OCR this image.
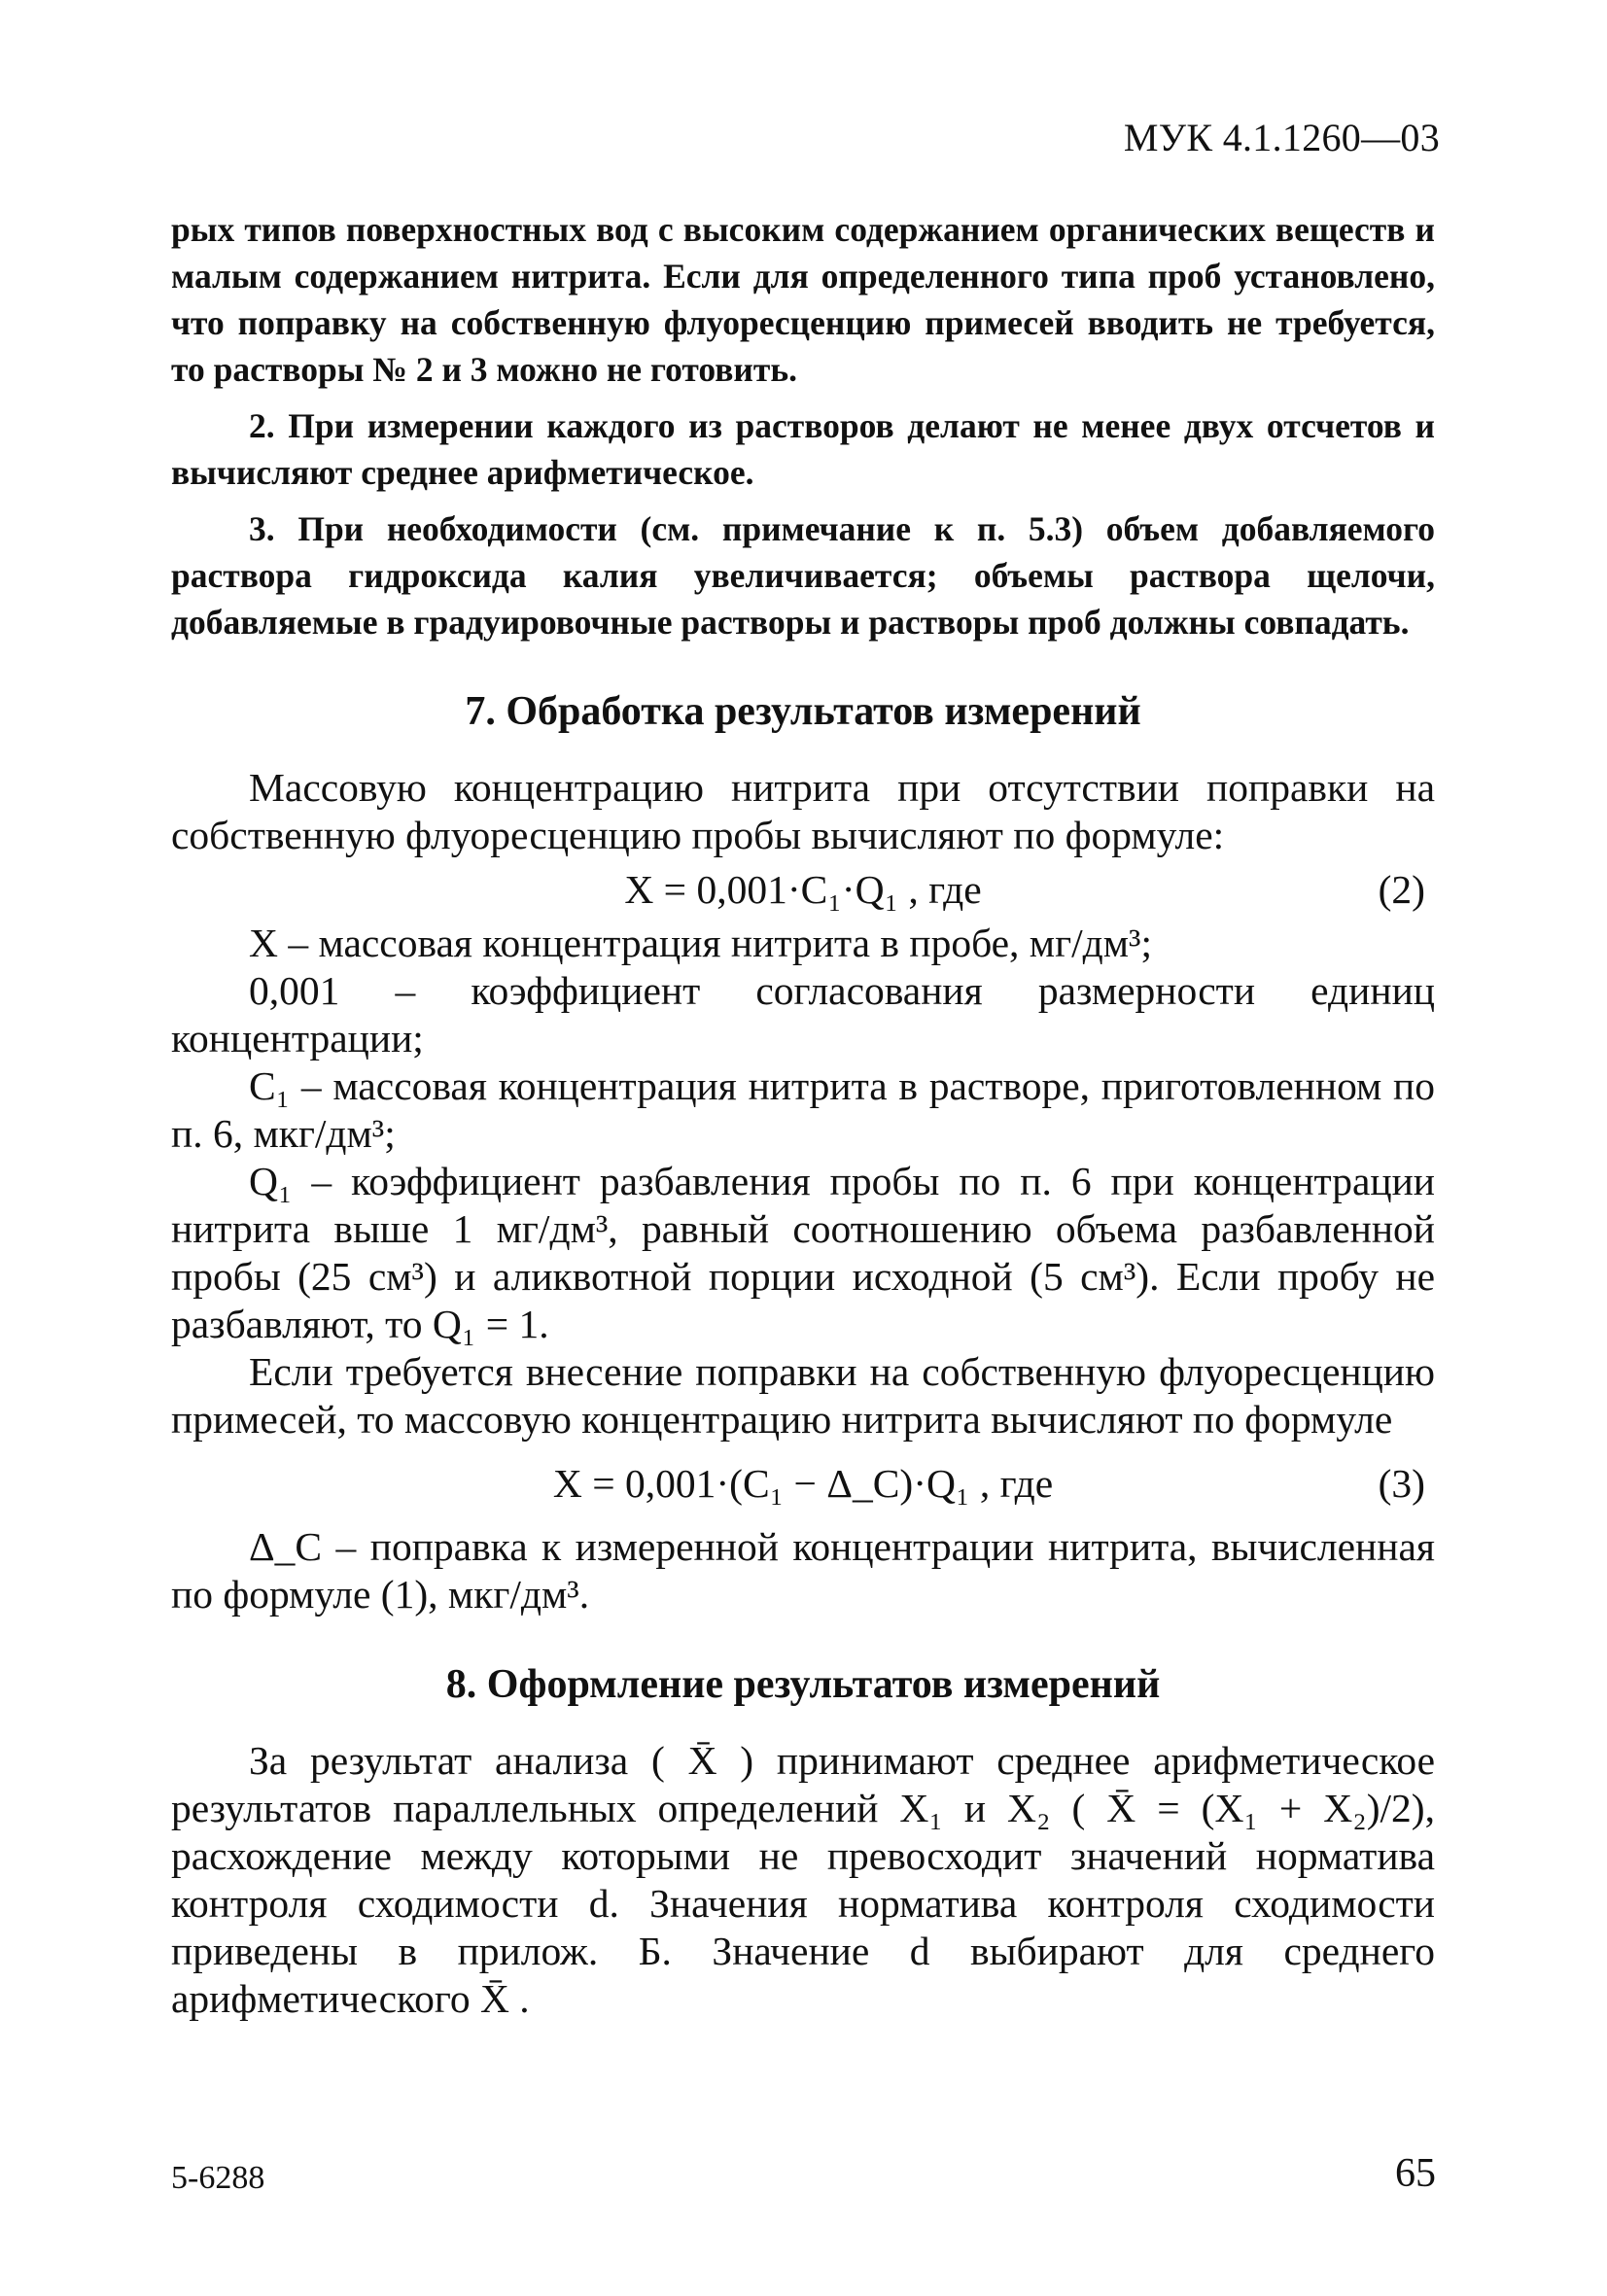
МУК 4.1.1260—03

рых типов поверхностных вод с высоким содержанием органических веществ и малым содержанием нитрита. Если для определенного типа проб установлено, что поправку на собственную флуоресценцию примесей вводить не требуется, то растворы № 2 и 3 можно не готовить.

2. При измерении каждого из растворов делают не менее двух отсчетов и вычисляют среднее арифметическое.

3. При необходимости (см. примечание к п. 5.3) объем добавляемого раствора гидроксида калия увеличивается; объемы раствора щелочи, добавляемые в градуировочные растворы и растворы проб должны совпадать.

7. Обработка результатов измерений

Массовую концентрацию нитрита при отсутствии поправки на собственную флуоресценцию пробы вычисляют по формуле:

X = 0,001·C₁·Q₁ , где	(2)

X – массовая концентрация нитрита в пробе, мг/дм³;

0,001 – коэффициент согласования размерности единиц концентрации;

C₁ – массовая концентрация нитрита в растворе, приготовленном по п. 6, мкг/дм³;

Q₁ – коэффициент разбавления пробы по п. 6 при концентрации нитрита выше 1 мг/дм³, равный соотношению объема разбавленной пробы (25 см³) и аликвотной порции исходной (5 см³). Если пробу не разбавляют, то Q₁ = 1.

Если требуется внесение поправки на собственную флуоресценцию примесей, то массовую концентрацию нитрита вычисляют по формуле

X = 0,001·(C₁ − Δ_C)·Q₁ , где	(3)

Δ_C – поправка к измеренной концентрации нитрита, вычисленная по формуле (1), мкг/дм³.

8. Оформление результатов измерений

За результат анализа ( X̄ ) принимают среднее арифметическое результатов параллельных определений X₁ и X₂ ( X̄ = (X₁ + X₂)/2), расхождение между которыми не превосходит значений норматива контроля сходимости d. Значения норматива контроля сходимости приведены в прилож. Б. Значение d выбирают для среднего арифметического X̄ .

5-6288	65
